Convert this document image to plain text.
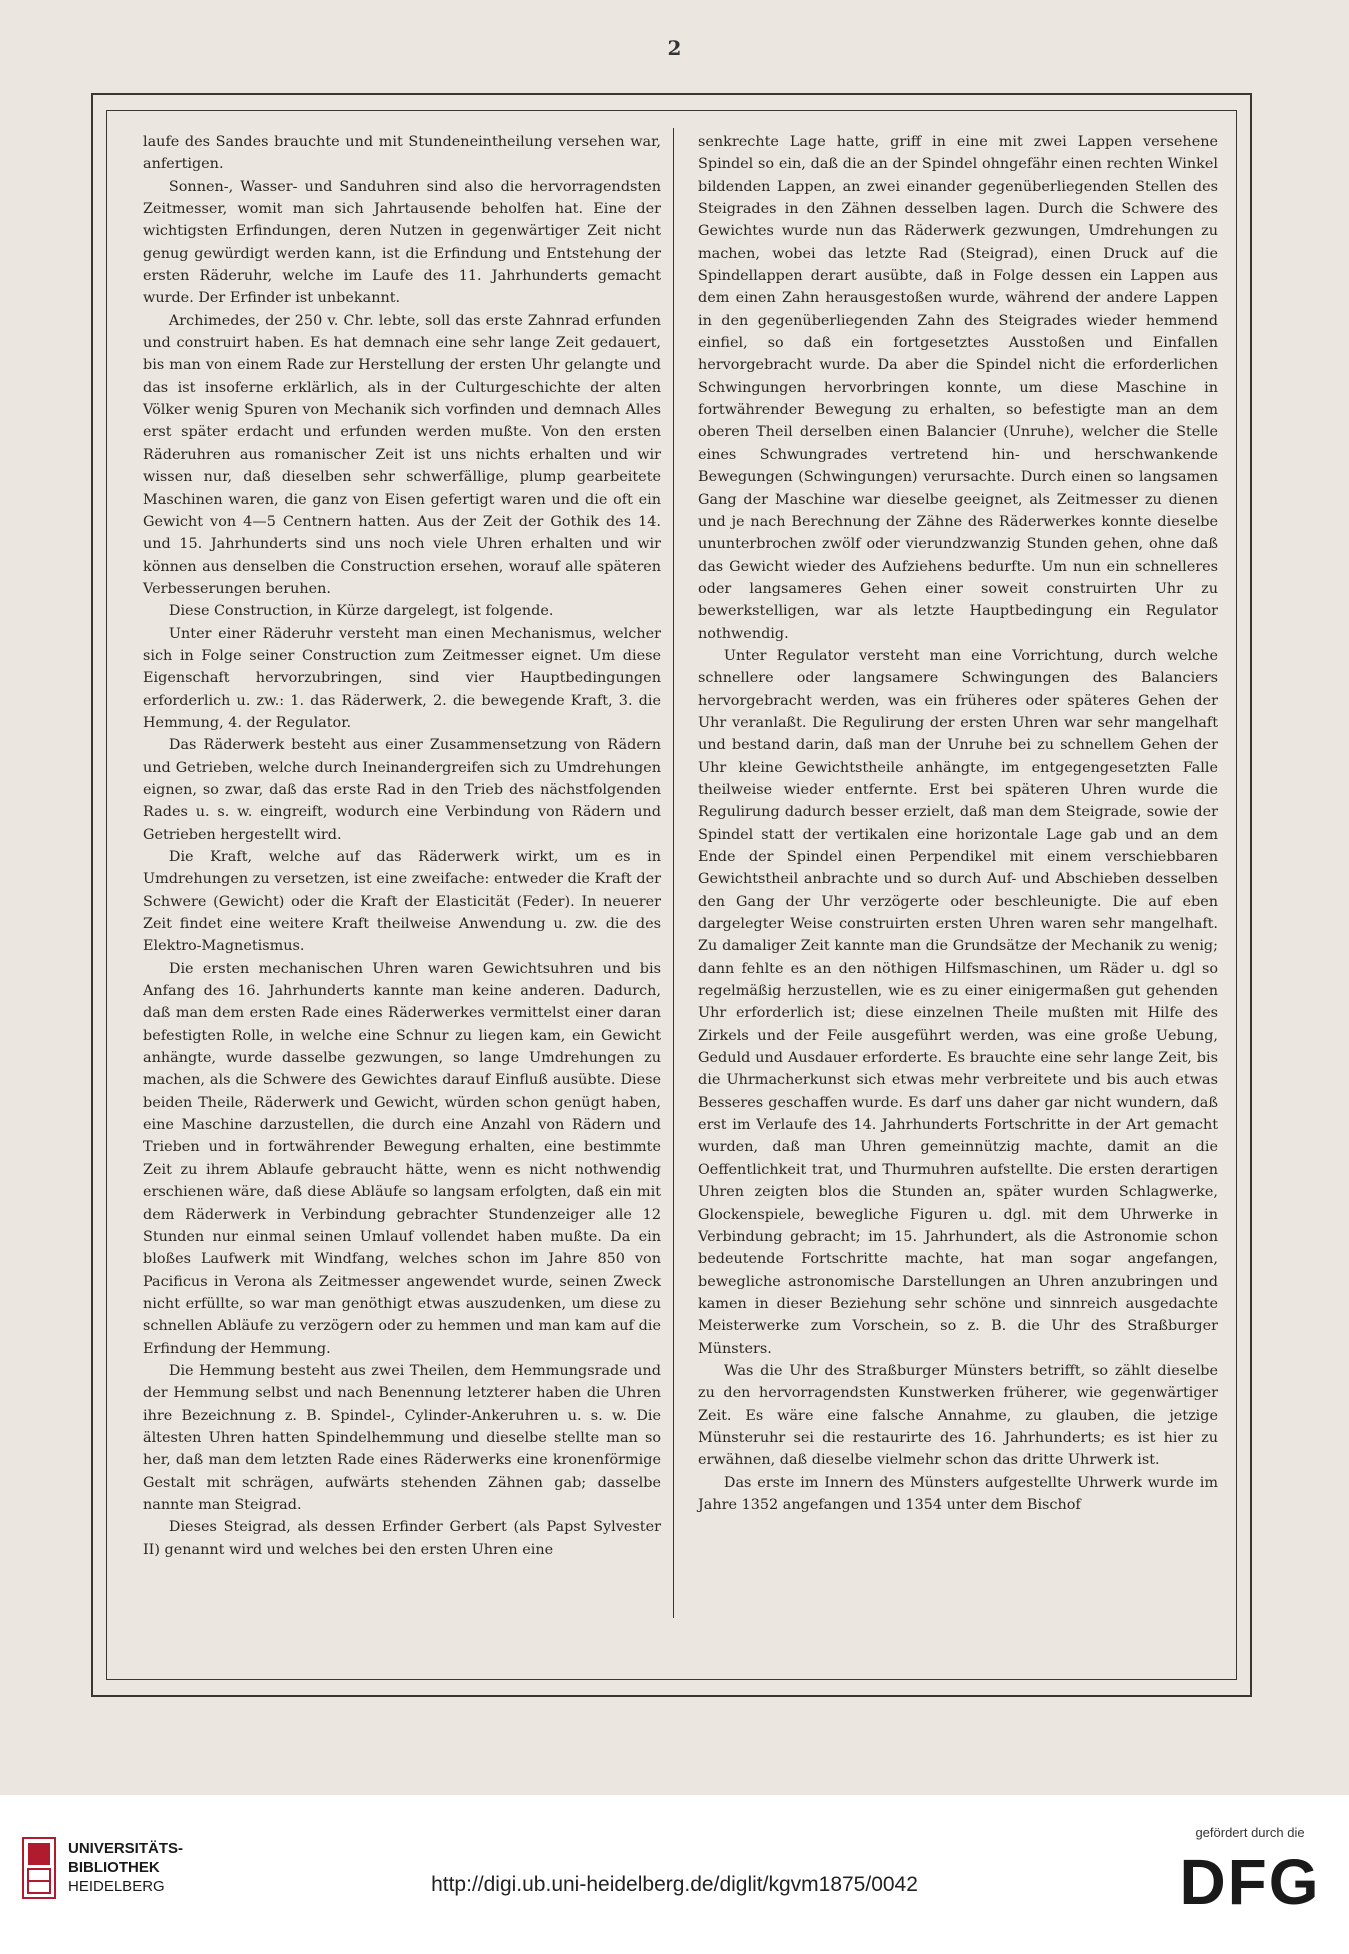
2

laufe des Sandes brauchte und mit Stundeneintheilung versehen war, anfertigen.

Sonnen-, Wasser- und Sanduhren sind also die hervorragendsten Zeitmesser, womit man sich Jahrtausende beholfen hat. Eine der wichtigsten Erfindungen, deren Nutzen in gegenwärtiger Zeit nicht genug gewürdigt werden kann, ist die Erfindung und Entstehung der ersten Räderuhr, welche im Laufe des 11. Jahrhunderts gemacht wurde. Der Erfinder ist unbekannt.

Archimedes, der 250 v. Chr. lebte, soll das erste Zahnrad erfunden und construirt haben. Es hat demnach eine sehr lange Zeit gedauert, bis man von einem Rade zur Herstellung der ersten Uhr gelangte und das ist insoferne erklärlich, als in der Culturgeschichte der alten Völker wenig Spuren von Mechanik sich vorfinden und demnach Alles erst später erdacht und erfunden werden mußte. Von den ersten Räderuhren aus romanischer Zeit ist uns nichts erhalten und wir wissen nur, daß dieselben sehr schwerfällige, plump gearbeitete Maschinen waren, die ganz von Eisen gefertigt waren und die oft ein Gewicht von 4—5 Centnern hatten. Aus der Zeit der Gothik des 14. und 15. Jahrhunderts sind uns noch viele Uhren erhalten und wir können aus denselben die Construction ersehen, worauf alle späteren Verbesserungen beruhen.

Diese Construction, in Kürze dargelegt, ist folgende.

Unter einer Räderuhr versteht man einen Mechanismus, welcher sich in Folge seiner Construction zum Zeitmesser eignet. Um diese Eigenschaft hervorzubringen, sind vier Hauptbedingungen erforderlich u. zw.: 1. das Räderwerk, 2. die bewegende Kraft, 3. die Hemmung, 4. der Regulator.

Das Räderwerk besteht aus einer Zusammensetzung von Rädern und Getrieben, welche durch Ineinandergreifen sich zu Umdrehungen eignen, so zwar, daß das erste Rad in den Trieb des nächstfolgenden Rades u. s. w. eingreift, wodurch eine Verbindung von Rädern und Getrieben hergestellt wird.

Die Kraft, welche auf das Räderwerk wirkt, um es in Umdrehungen zu versetzen, ist eine zweifache: entweder die Kraft der Schwere (Gewicht) oder die Kraft der Elasticität (Feder). In neuerer Zeit findet eine weitere Kraft theilweise Anwendung u. zw. die des Elektro-Magnetismus.

Die ersten mechanischen Uhren waren Gewichtsuhren und bis Anfang des 16. Jahrhunderts kannte man keine anderen. Dadurch, daß man dem ersten Rade eines Räderwerkes vermittelst einer daran befestigten Rolle, in welche eine Schnur zu liegen kam, ein Gewicht anhängte, wurde dasselbe gezwungen, so lange Umdrehungen zu machen, als die Schwere des Gewichtes darauf Einfluß ausübte. Diese beiden Theile, Räderwerk und Gewicht, würden schon genügt haben, eine Maschine darzustellen, die durch eine Anzahl von Rädern und Trieben und in fortwährender Bewegung erhalten, eine bestimmte Zeit zu ihrem Ablaufe gebraucht hätte, wenn es nicht nothwendig erschienen wäre, daß diese Abläufe so langsam erfolgten, daß ein mit dem Räderwerk in Verbindung gebrachter Stundenzeiger alle 12 Stunden nur einmal seinen Umlauf vollendet haben mußte. Da ein bloßes Laufwerk mit Windfang, welches schon im Jahre 850 von Pacificus in Verona als Zeitmesser angewendet wurde, seinen Zweck nicht erfüllte, so war man genöthigt etwas auszudenken, um diese zu schnellen Abläufe zu verzögern oder zu hemmen und man kam auf die Erfindung der Hemmung.

Die Hemmung besteht aus zwei Theilen, dem Hemmungsrade und der Hemmung selbst und nach Benennung letzterer haben die Uhren ihre Bezeichnung z. B. Spindel-, Cylinder-Ankeruhren u. s. w. Die ältesten Uhren hatten Spindelhemmung und dieselbe stellte man so her, daß man dem letzten Rade eines Räderwerks eine kronenförmige Gestalt mit schrägen, aufwärts stehenden Zähnen gab; dasselbe nannte man Steigrad.

Dieses Steigrad, als dessen Erfinder Gerbert (als Papst Sylvester II) genannt wird und welches bei den ersten Uhren eine

senkrechte Lage hatte, griff in eine mit zwei Lappen versehene Spindel so ein, daß die an der Spindel ohngefähr einen rechten Winkel bildenden Lappen, an zwei einander gegenüberliegenden Stellen des Steigrades in den Zähnen desselben lagen. Durch die Schwere des Gewichtes wurde nun das Räderwerk gezwungen, Umdrehungen zu machen, wobei das letzte Rad (Steigrad), einen Druck auf die Spindellappen derart ausübte, daß in Folge dessen ein Lappen aus dem einen Zahn herausgestoßen wurde, während der andere Lappen in den gegenüberliegenden Zahn des Steigrades wieder hemmend einfiel, so daß ein fortgesetztes Ausstoßen und Einfallen hervorgebracht wurde. Da aber die Spindel nicht die erforderlichen Schwingungen hervorbringen konnte, um diese Maschine in fortwährender Bewegung zu erhalten, so befestigte man an dem oberen Theil derselben einen Balancier (Unruhe), welcher die Stelle eines Schwungrades vertretend hin- und herschwankende Bewegungen (Schwingungen) verursachte. Durch einen so langsamen Gang der Maschine war dieselbe geeignet, als Zeitmesser zu dienen und je nach Berechnung der Zähne des Räderwerkes konnte dieselbe ununterbrochen zwölf oder vierundzwanzig Stunden gehen, ohne daß das Gewicht wieder des Aufziehens bedurfte. Um nun ein schnelleres oder langsameres Gehen einer soweit construirten Uhr zu bewerkstelligen, war als letzte Hauptbedingung ein Regulator nothwendig.

Unter Regulator versteht man eine Vorrichtung, durch welche schnellere oder langsamere Schwingungen des Balanciers hervorgebracht werden, was ein früheres oder späteres Gehen der Uhr veranlaßt. Die Regulirung der ersten Uhren war sehr mangelhaft und bestand darin, daß man der Unruhe bei zu schnellem Gehen der Uhr kleine Gewichtstheile anhängte, im entgegengesetzten Falle theilweise wieder entfernte. Erst bei späteren Uhren wurde die Regulirung dadurch besser erzielt, daß man dem Steigrade, sowie der Spindel statt der vertikalen eine horizontale Lage gab und an dem Ende der Spindel einen Perpendikel mit einem verschiebbaren Gewichtstheil anbrachte und so durch Auf- und Abschieben desselben den Gang der Uhr verzögerte oder beschleunigte. Die auf eben dargelegter Weise construirten ersten Uhren waren sehr mangelhaft. Zu damaliger Zeit kannte man die Grundsätze der Mechanik zu wenig; dann fehlte es an den nöthigen Hilfsmaschinen, um Räder u. dgl so regelmäßig herzustellen, wie es zu einer einigermaßen gut gehenden Uhr erforderlich ist; diese einzelnen Theile mußten mit Hilfe des Zirkels und der Feile ausgeführt werden, was eine große Uebung, Geduld und Ausdauer erforderte. Es brauchte eine sehr lange Zeit, bis die Uhrmacherkunst sich etwas mehr verbreitete und bis auch etwas Besseres geschaffen wurde. Es darf uns daher gar nicht wundern, daß erst im Verlaufe des 14. Jahrhunderts Fortschritte in der Art gemacht wurden, daß man Uhren gemeinnützig machte, damit an die Oeffentlichkeit trat, und Thurmuhren aufstellte. Die ersten derartigen Uhren zeigten blos die Stunden an, später wurden Schlagwerke, Glockenspiele, bewegliche Figuren u. dgl. mit dem Uhrwerke in Verbindung gebracht; im 15. Jahrhundert, als die Astronomie schon bedeutende Fortschritte machte, hat man sogar angefangen, bewegliche astronomische Darstellungen an Uhren anzubringen und kamen in dieser Beziehung sehr schöne und sinnreich ausgedachte Meisterwerke zum Vorschein, so z. B. die Uhr des Straßburger Münsters.

Was die Uhr des Straßburger Münsters betrifft, so zählt dieselbe zu den hervorragendsten Kunstwerken früherer, wie gegenwärtiger Zeit. Es wäre eine falsche Annahme, zu glauben, die jetzige Münsteruhr sei die restaurirte des 16. Jahrhunderts; es ist hier zu erwähnen, daß dieselbe vielmehr schon das dritte Uhrwerk ist.

Das erste im Innern des Münsters aufgestellte Uhrwerk wurde im Jahre 1352 angefangen und 1354 unter dem Bischof

UNIVERSITÄTS-
BIBLIOTHEK
HEIDELBERG	http://digi.ub.uni-heidelberg.de/diglit/kgvm1875/0042
gefördert durch die
DFG
